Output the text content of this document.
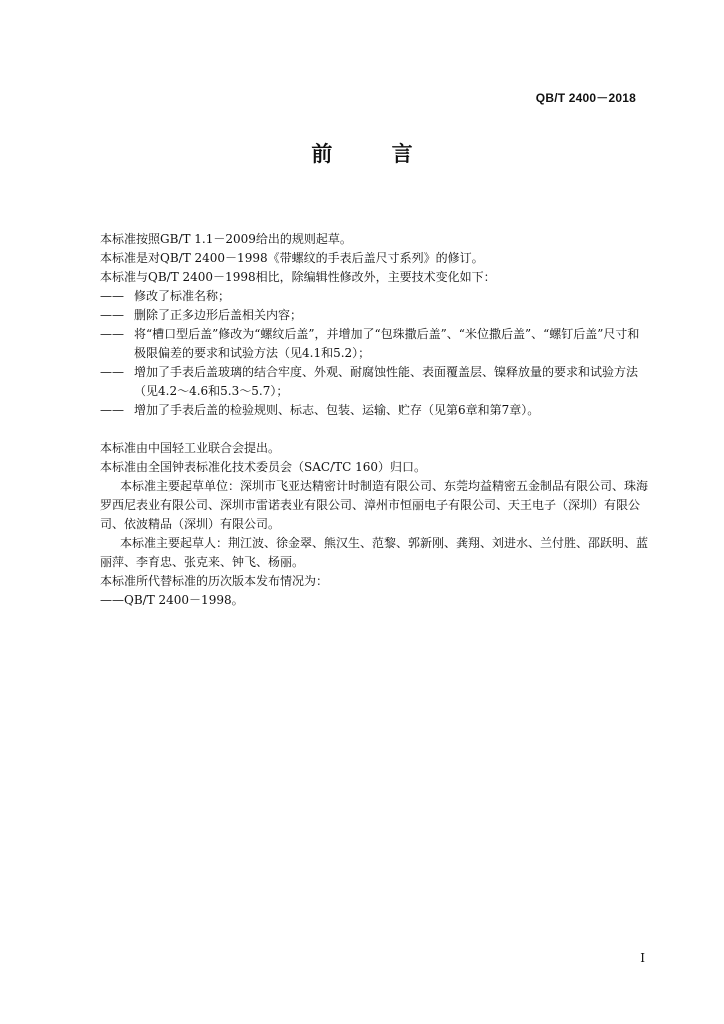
QB/T 2400－2018
前 言

本标准按照GB/T 1.1－2009给出的规则起草。

本标准是对QB/T 2400－1998《带螺纹的手表后盖尺寸系列》的修订。

本标准与QB/T 2400－1998相比，除编辑性修改外，主要技术变化如下：

—— 修改了标准名称；
—— 删除了正多边形后盖相关内容；
—— 将“槽口型后盖”修改为“螺纹后盖”，并增加了“包珠撒后盖”、“米位撒后盖”、“螺钉后盖”尺寸和极限偏差的要求和试验方法（见4.1和5.2）；
—— 增加了手表后盖玻璃的结合牢度、外观、耐腐蚀性能、表面覆盖层、镍释放量的要求和试验方法（见4.2～4.6和5.3～5.7）；
—— 增加了手表后盖的检验规则、标志、包装、运输、贮存（见第6章和第7章）。

本标准由中国轻工业联合会提出。

本标准由全国钟表标准化技术委员会（SAC/TC 160）归口。

本标准主要起草单位：深圳市飞亚达精密计时制造有限公司、东莞均益精密五金制品有限公司、珠海罗西尼表业有限公司、深圳市雷诺表业有限公司、漳州市恒丽电子有限公司、天王电子（深圳）有限公司、依波精品（深圳）有限公司。

本标准主要起草人：荆江波、徐金翠、熊汉生、范黎、郭新刚、龚翔、刘进水、兰付胜、邵跃明、蓝丽萍、李育忠、张克来、钟飞、杨丽。

本标准所代替标准的历次版本发布情况为：

——QB/T 2400－1998。

I
